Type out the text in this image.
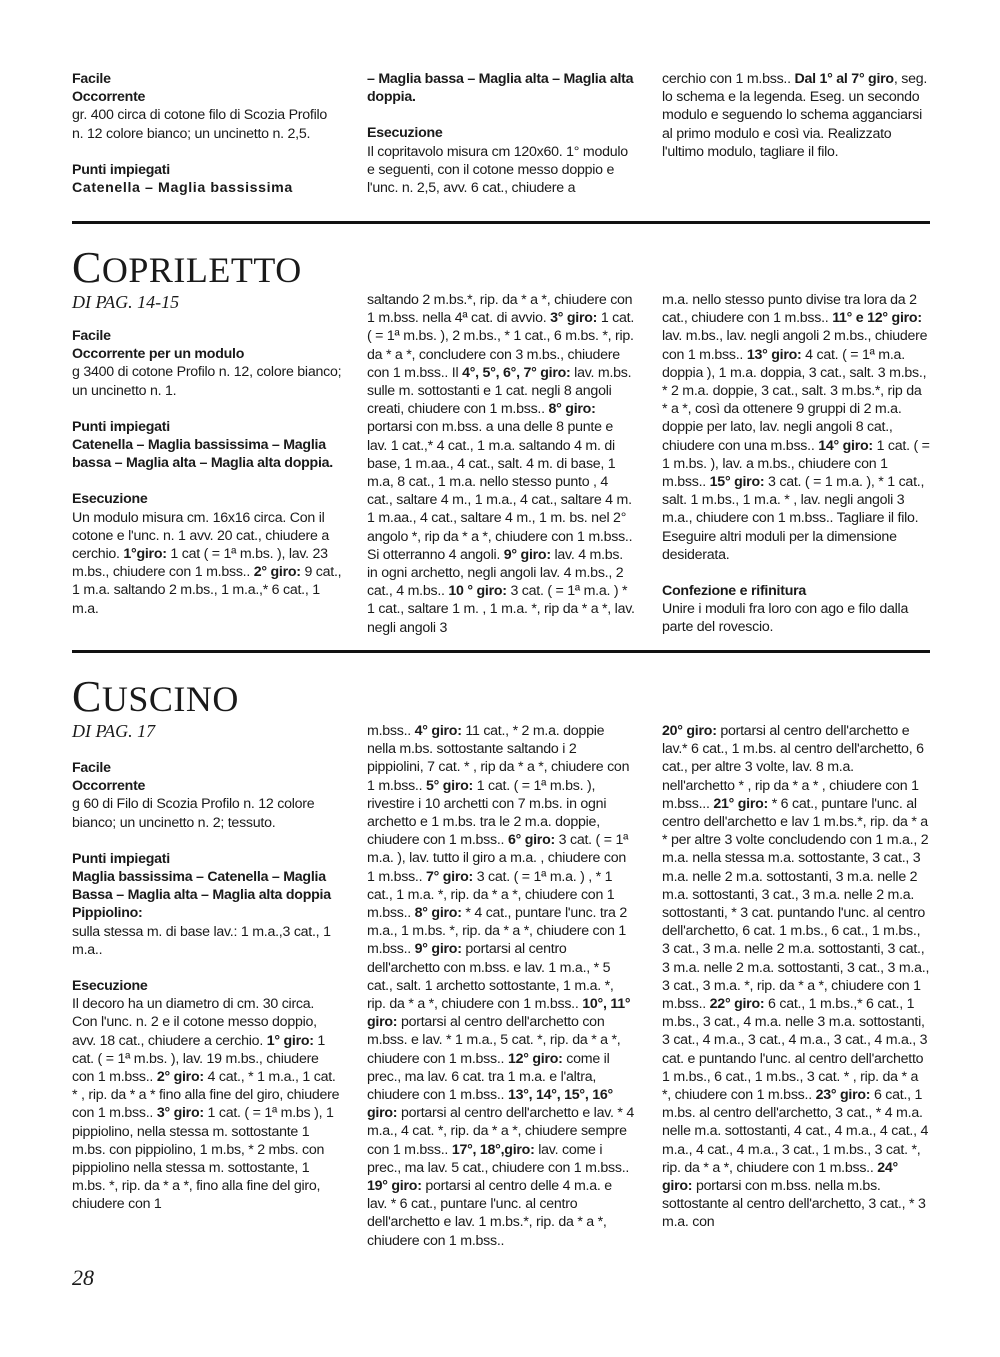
Facile

Occorrente

gr. 400 circa di cotone filo di Scozia Profilo n. 12 colore bianco; un uncinetto n. 2,5.

Punti impiegati

Catenella – Maglia bassissima

– Maglia bassa – Maglia alta – Maglia alta doppia.

Esecuzione

Il copritavolo misura cm 120x60. 1° modulo e seguenti, con il cotone messo doppio e l'unc. n. 2,5, avv. 6 cat., chiudere a

cerchio con 1 m.bss.. Dal 1° al 7° giro, seg. lo schema e la legenda. Eseg. un secondo modulo e seguendo lo schema agganciarsi al primo modulo e così via. Realizzato l'ultimo modulo, tagliare il filo.

COPRILETTO

DI PAG. 14-15

Facile

Occorrente per un modulo

g 3400 di cotone Profilo n. 12, colore bianco; un uncinetto n. 1.

Punti impiegati

Catenella – Maglia bassissima – Maglia bassa – Maglia alta – Maglia alta doppia.

Esecuzione

Un modulo misura cm. 16x16 circa. Con il cotone e l'unc. n. 1 avv. 20 cat., chiudere a cerchio. 1°giro: 1 cat ( = 1ª m.bs. ), lav. 23 m.bs., chiudere con 1 m.bss.. 2° giro: 9 cat., 1 m.a. saltando 2 m.bs., 1 m.a.,* 6 cat., 1 m.a.

saltando 2 m.bs.*, rip. da * a *, chiudere con 1 m.bss. nella 4ª cat. di avvio. 3° giro: 1 cat. ( = 1ª m.bs. ), 2 m.bs., * 1 cat., 6 m.bs. *, rip. da * a *, concludere con 3 m.bs., chiudere con 1 m.bss.. Il 4°, 5°, 6°, 7° giro: lav. m.bs. sulle m. sottostanti e 1 cat. negli 8 angoli creati, chiudere con 1 m.bss.. 8° giro: portarsi con m.bss. a una delle 8 punte e lav. 1 cat.,* 4 cat., 1 m.a. saltando 4 m. di base, 1 m.aa., 4 cat., salt. 4 m. di base, 1 m.a, 8 cat., 1 m.a. nello stesso punto , 4 cat., saltare 4 m., 1 m.a., 4 cat., saltare 4 m. 1 m.aa., 4 cat., saltare 4 m., 1 m. bs. nel 2° angolo *, rip da * a *, chiudere con 1 m.bss.. Si otterranno 4 angoli. 9° giro: lav. 4 m.bs. in ogni archetto, negli angoli lav. 4 m.bs., 2 cat., 4 m.bs.. 10 ° giro: 3 cat. ( = 1ª m.a. ) * 1 cat., saltare 1 m. , 1 m.a. *, rip da * a *, lav. negli angoli 3

m.a. nello stesso punto divise tra lora da 2 cat., chiudere con 1 m.bss.. 11° e 12° giro: lav. m.bs., lav. negli angoli 2 m.bs., chiudere con 1 m.bss.. 13° giro: 4 cat. ( = 1ª m.a. doppia ), 1 m.a. doppia, 3 cat., salt. 3 m.bs., * 2 m.a. doppie, 3 cat., salt. 3 m.bs.*, rip da * a *, così da ottenere 9 gruppi di 2 m.a. doppie per lato, lav. negli angoli 8 cat., chiudere con una m.bss.. 14° giro: 1 cat. ( = 1 m.bs. ), lav. a m.bs., chiudere con 1 m.bss.. 15° giro: 3 cat. ( = 1 m.a. ), * 1 cat., salt. 1 m.bs., 1 m.a. * , lav. negli angoli 3 m.a., chiudere con 1 m.bss.. Tagliare il filo. Eseguire altri moduli per la dimensione desiderata.

Confezione e rifinitura

Unire i moduli fra loro con ago e filo dalla parte del rovescio.

CUSCINO

DI PAG. 17

Facile

Occorrente

g 60 di Filo di Scozia Profilo n. 12 colore bianco; un uncinetto n. 2; tessuto.

Punti impiegati

Maglia bassissima – Catenella – Maglia Bassa – Maglia alta – Maglia alta doppia

Pippiolino:

sulla stessa m. di base lav.: 1 m.a.,3 cat., 1 m.a..

Esecuzione

Il decoro ha un diametro di cm. 30 circa. Con l'unc. n. 2 e il cotone messo doppio, avv. 18 cat., chiudere a cerchio. 1° giro: 1 cat. ( = 1ª m.bs. ), lav. 19 m.bs., chiudere con 1 m.bss.. 2° giro: 4 cat., * 1 m.a., 1 cat. * , rip. da * a * fino alla fine del giro, chiudere con 1 m.bss.. 3° giro: 1 cat. ( = 1ª m.bs ), 1 pippiolino, nella stessa m. sottostante 1 m.bs. con pippiolino, 1 m.bs, * 2 mbs. con pippiolino nella stessa m. sottostante, 1 m.bs. *, rip. da * a *, fino alla fine del giro, chiudere con 1

m.bss.. 4° giro: 11 cat., * 2 m.a. doppie nella m.bs. sottostante saltando i 2 pippiolini, 7 cat. * , rip da * a *, chiudere con 1 m.bss.. 5° giro: 1 cat. ( = 1ª m.bs. ), rivestire i 10 archetti con 7 m.bs. in ogni archetto e 1 m.bs. tra le 2 m.a. doppie, chiudere con 1 m.bss.. 6° giro: 3 cat. ( = 1ª m.a. ), lav. tutto il giro a m.a. , chiudere con 1 m.bss.. 7° giro: 3 cat. ( = 1ª m.a. ) , * 1 cat., 1 m.a. *, rip. da * a *, chiudere con 1 m.bss.. 8° giro: * 4 cat., puntare l'unc. tra 2 m.a., 1 m.bs. *, rip. da * a *, chiudere con 1 m.bss.. 9° giro: portarsi al centro dell'archetto con m.bss. e lav. 1 m.a., * 5 cat., salt. 1 archetto sottostante, 1 m.a. *, rip. da * a *, chiudere con 1 m.bss.. 10°, 11° giro: portarsi al centro dell'archetto con m.bss. e lav. * 1 m.a., 5 cat. *, rip. da * a *, chiudere con 1 m.bss.. 12° giro: come il prec., ma lav. 6 cat. tra 1 m.a. e l'altra, chiudere con 1 m.bss.. 13°, 14°, 15°, 16° giro: portarsi al centro dell'archetto e lav. * 4 m.a., 4 cat. *, rip. da * a *, chiudere sempre con 1 m.bss.. 17°, 18°,giro: lav. come i prec., ma lav. 5 cat., chiudere con 1 m.bss.. 19° giro: portarsi al centro delle 4 m.a. e lav. * 6 cat., puntare l'unc. al centro dell'archetto e lav. 1 m.bs.*, rip. da * a *, chiudere con 1 m.bss..

20° giro: portarsi al centro dell'archetto e lav.* 6 cat., 1 m.bs. al centro dell'archetto, 6 cat., per altre 3 volte, lav. 8 m.a. nell'archetto * , rip da * a * , chiudere con 1 m.bss... 21° giro: * 6 cat., puntare l'unc. al centro dell'archetto e lav 1 m.bs.*, rip. da * a * per altre 3 volte concludendo con 1 m.a., 2 m.a. nella stessa m.a. sottostante, 3 cat., 3 m.a. nelle 2 m.a. sottostanti, 3 m.a. nelle 2 m.a. sottostanti, 3 cat., 3 m.a. nelle 2 m.a. sottostanti, * 3 cat. puntando l'unc. al centro dell'archetto, 6 cat. 1 m.bs., 6 cat., 1 m.bs., 3 cat., 3 m.a. nelle 2 m.a. sottostanti, 3 cat., 3 m.a. nelle 2 m.a. sottostanti, 3 cat., 3 m.a., 3 cat., 3 m.a. *, rip. da * a *, chiudere con 1 m.bss.. 22° giro: 6 cat., 1 m.bs.,* 6 cat., 1 m.bs., 3 cat., 4 m.a. nelle 3 m.a. sottostanti, 3 cat., 4 m.a., 3 cat., 4 m.a., 3 cat., 4 m.a., 3 cat. e puntando l'unc. al centro dell'archetto 1 m.bs., 6 cat., 1 m.bs., 3 cat. * , rip. da * a *, chiudere con 1 m.bss.. 23° giro: 6 cat., 1 m.bs. al centro dell'archetto, 3 cat., * 4 m.a. nelle m.a. sottostanti, 4 cat., 4 m.a., 4 cat., 4 m.a., 4 cat., 4 m.a., 3 cat., 1 m.bs., 3 cat. *, rip. da * a *, chiudere con 1 m.bss.. 24° giro: portarsi con m.bss. nella m.bs. sottostante al centro dell'archetto, 3 cat., * 3 m.a. con

28
